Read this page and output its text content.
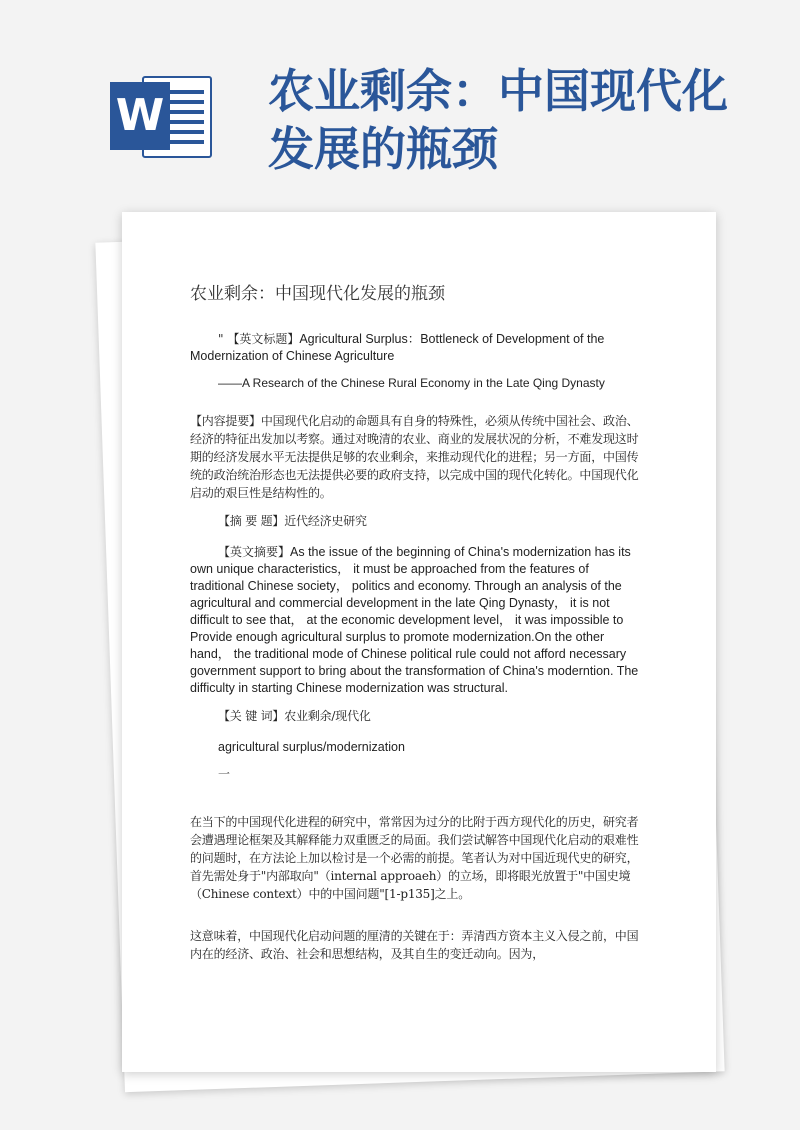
W 农业剩余：中国现代化
发展的瓶颈
农业剩余：中国现代化发展的瓶颈
" 【英文标题】Agricultural Surplus：Bottleneck of Development of the
Modernization of Chinese Agriculture
——A Research of the Chinese Rural Economy in the Late Qing Dynasty
【内容提要】中国现代化启动的命题具有自身的特殊性，必须从传统中国社会、政治、经济的特征出发加以考察。通过对晚清的农业、商业的发展状况的分析，不难发现这时期的经济发展水平无法提供足够的农业剩余，来推动现代化的进程；另一方面，中国传统的政治统治形态也无法提供必要的政府支持，以完成中国的现代化转化。中国现代化启动的艰巨性是结构性的。
【摘 要 题】近代经济史研究
【英文摘要】As the issue of the beginning of China's modernization has its own unique characteristics， it must be approached from the features of traditional Chinese society， politics and economy. Through an analysis of the agricultural and commercial development in the late Qing Dynasty， it is not difficult to see that， at the economic development level， it was impossible to Provide enough agricultural surplus to promote modernization.On the other hand， the traditional mode of Chinese political rule could not afford necessary government support to bring about the transformation of China's moderntion. The difficulty in starting Chinese modernization was structural.
【关 键 词】农业剩余/现代化
agricultural surplus/modernization
一
在当下的中国现代化进程的研究中，常常因为过分的比附于西方现代化的历史，研究者会遭遇理论框架及其解释能力双重匮乏的局面。我们尝试解答中国现代化启动的艰难性的问题时，在方法论上加以检讨是一个必需的前提。笔者认为对中国近现代史的研究，首先需处身于"内部取向"（internal approaeh）的立场，即将眼光放置于"中国史境（Chinese context）中的中国问题"[1-p135]之上。
这意味着，中国现代化启动问题的厘清的关键在于：弄清西方资本主义入侵之前，中国内在的经济、政治、社会和思想结构，及其自生的变迁动向。因为，
